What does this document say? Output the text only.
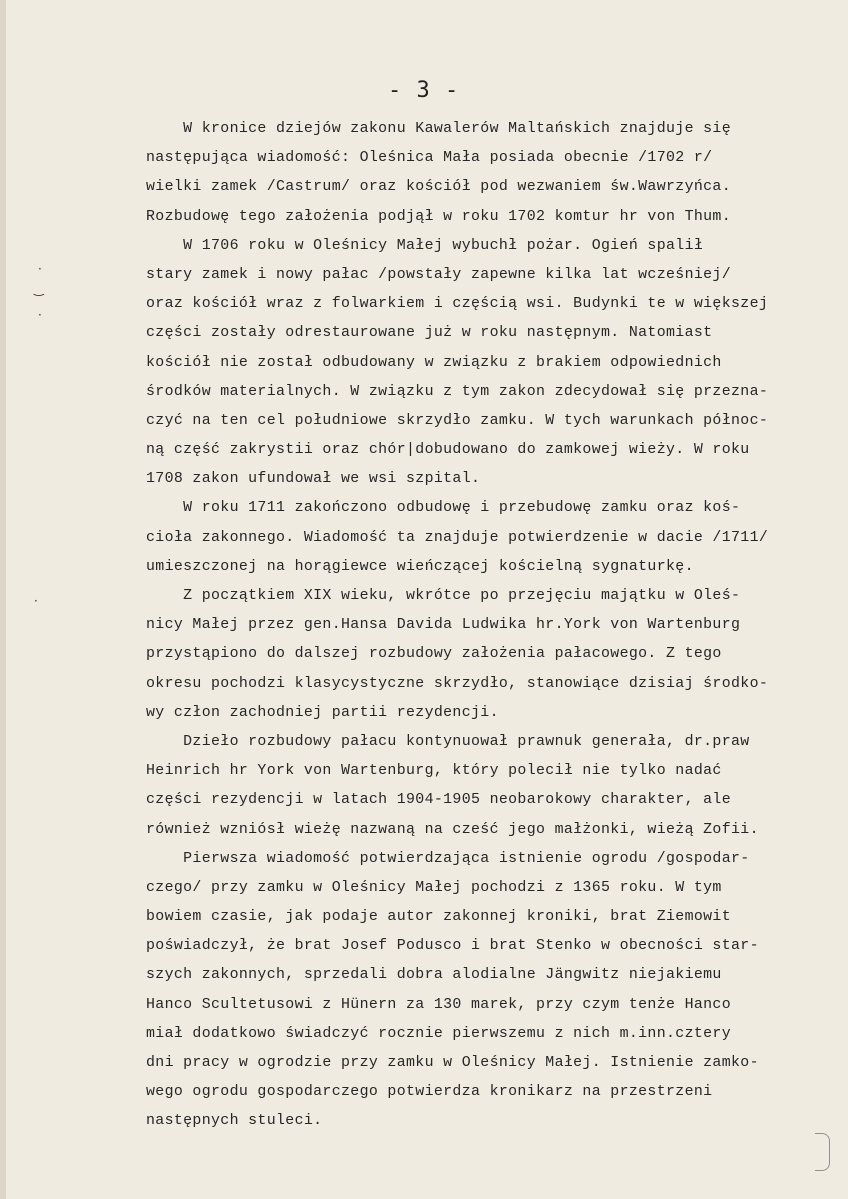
- 3 -
·
·
‿
·
W kronice dziejów zakonu Kawalerów Maltańskich znajduje się
następująca wiadomość: Oleśnica Mała posiada obecnie /1702 r/
wielki zamek /Castrum/ oraz kościół pod wezwaniem św.Wawrzyńca.
Rozbudowę tego założenia podjął w roku 1702 komtur hr von Thum.
W 1706 roku w Oleśnicy Małej wybuchł pożar. Ogień spalił
stary zamek i nowy pałac /powstały zapewne kilka lat wcześniej/
oraz kościół wraz z folwarkiem i częścią wsi. Budynki te w większej
części zostały odrestaurowane już w roku następnym. Natomiast
kościół nie został odbudowany w związku z brakiem odpowiednich
środków materialnych. W związku z tym zakon zdecydował się przezna-
czyć na ten cel południowe skrzydło zamku. W tych warunkach północ-
ną część zakrystii oraz chór|dobudowano do zamkowej wieży. W roku
1708 zakon ufundował we wsi szpital.
W roku 1711 zakończono odbudowę i przebudowę zamku oraz koś-
cioła zakonnego. Wiadomość ta znajduje potwierdzenie w dacie /1711/
umieszczonej na horągiewce wieńczącej kościelną sygnaturkę.
Z początkiem XIX wieku, wkrótce po przejęciu majątku w Oleś-
nicy Małej przez gen.Hansa Davida Ludwika hr.York von Wartenburg
przystąpiono do dalszej rozbudowy założenia pałacowego. Z tego
okresu pochodzi klasycystyczne skrzydło, stanowiące dzisiaj środko-
wy człon zachodniej partii rezydencji.
Dzieło rozbudowy pałacu kontynuował prawnuk generała, dr.praw
Heinrich hr York von Wartenburg, który polecił nie tylko nadać
części rezydencji w latach 1904-1905 neobarokowy charakter, ale
również wzniósł wieżę nazwaną na cześć jego małżonki, wieżą Zofii.
Pierwsza wiadomość potwierdzająca istnienie ogrodu /gospodar-
czego/ przy zamku w Oleśnicy Małej pochodzi z 1365 roku. W tym
bowiem czasie, jak podaje autor zakonnej kroniki, brat Ziemowit
poświadczył, że brat Josef Podusco i brat Stenko w obecności star-
szych zakonnych, sprzedali dobra alodialne Jängwitz niejakiemu
Hanco Scultetusowi z Hünern za 130 marek, przy czym tenże Hanco
miał dodatkowo świadczyć rocznie pierwszemu z nich m.inn.cztery
dni pracy w ogrodzie przy zamku w Oleśnicy Małej. Istnienie zamko-
wego ogrodu gospodarczego potwierdza kronikarz na przestrzeni
następnych stuleci.
